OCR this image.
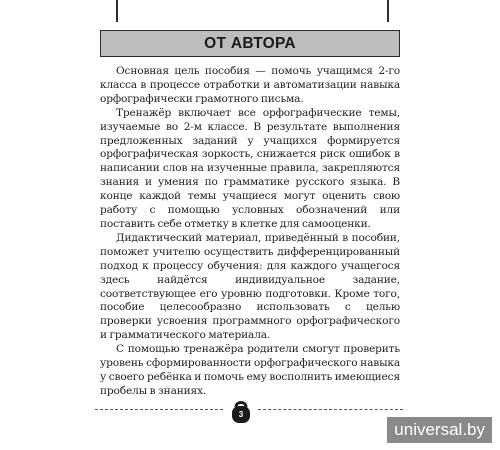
ОТ АВТОРА

Основная цель пособия — помочь учащимся 2-го класса в процессе отработки и автоматизации навыка орфографически грамотного письма.

Тренажёр включает все орфографические темы, изучаемые во 2-м классе. В результате выполнения предложенных заданий у учащихся формируется орфографическая зоркость, снижается риск ошибок в написании слов на изученные правила, закрепляются знания и умения по грамматике русского языка. В конце каждой темы учащиеся могут оценить свою работу с помощью условных обозначений или поставить себе отметку в клетке для самооценки.

Дидактический материал, приведённый в пособии, поможет учителю осуществить дифференцированный подход к процессу обучения: для каждого учащегося здесь найдётся индивидуальное задание, соответствующее его уровню подготовки. Кроме того, пособие целесообразно использовать с целью проверки усвоения программного орфографического и грамматического материала.

С помощью тренажёра родители смогут проверить уровень сформированности орфографического навыка у своего ребёнка и помочь ему восполнить имеющиеся пробелы в знаниях.

3
universal.by
